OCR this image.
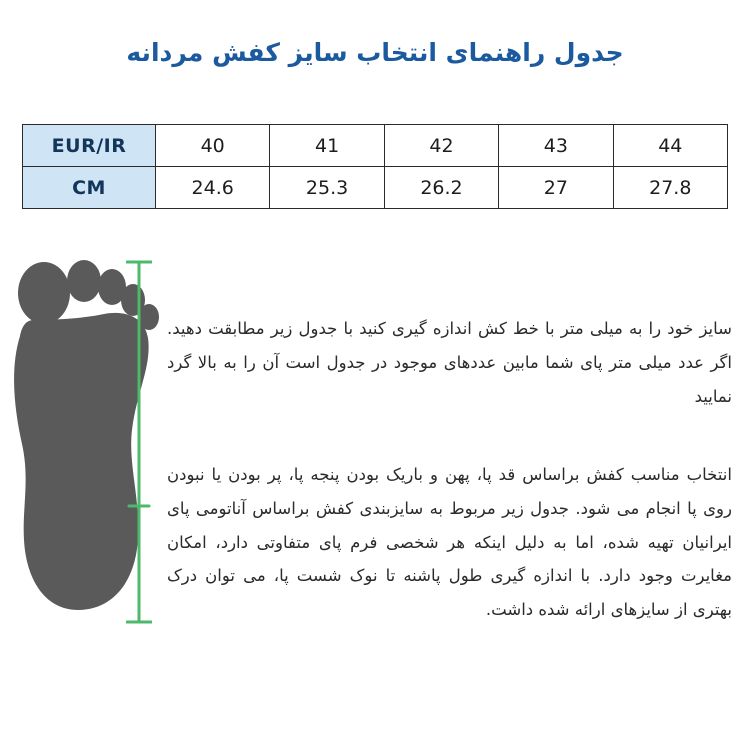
جدول راهنمای انتخاب سایز کفش مردانه
EUR/IR	40	41	42	43	44
CM	24.6	25.3	26.2	27	27.8
سایز خود را به میلی متر با خط کش اندازه گیری کنید با جدول زیر مطابقت دهید. اگر عدد میلی متر پای شما مابین عددهای موجود در جدول است آن را به بالا گرد نمایید
انتخاب مناسب کفش براساس قد پا، پهن و باریک بودن پنجه پا، پر بودن یا نبودن روی پا انجام می شود. جدول زیر مربوط به سایزبندی کفش براساس آناتومی پای ایرانیان تهیه شده، اما به دلیل اینکه هر شخصی فرم پای متفاوتی دارد، امکان مغایرت وجود دارد. با اندازه گیری طول پاشنه تا نوک شست پا، می توان درک بهتری از سایزهای ارائه شده داشت.
